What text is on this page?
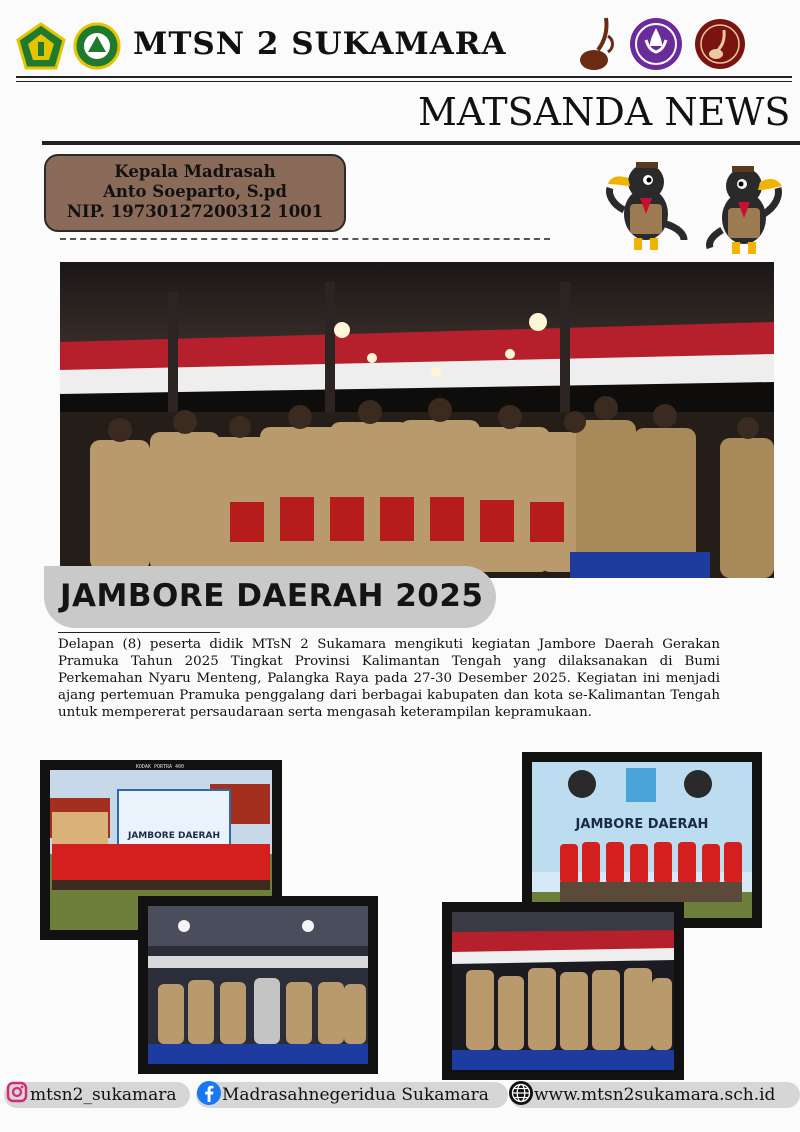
MTSN 2 SUKAMARA
MATSANDA NEWS
Kepala Madrasah
Anto Soeparto, S.pd
NIP. 19730127200312 1001
JAMBORE DAERAH 2025
Delapan (8) peserta didik MTsN 2 Sukamara mengikuti kegiatan Jambore Daerah Gerakan Pramuka Tahun 2025 Tingkat Provinsi Kalimantan Tengah yang dilaksanakan di Bumi Perkemahan Nyaru Menteng, Palangka Raya pada 27-30 Desember 2025. Kegiatan ini menjadi ajang pertemuan Pramuka penggalang dari berbagai kabupaten dan kota se-Kalimantan Tengah untuk mempererat persaudaraan serta mengasah keterampilan kepramukaan.
JAMBORE DAERAH
KODAK PORTRA 400
JAMBORE DAERAH
mtsn2_sukamara	Madrasahnegeridua Sukamara	www.mtsn2sukamara.sch.id
